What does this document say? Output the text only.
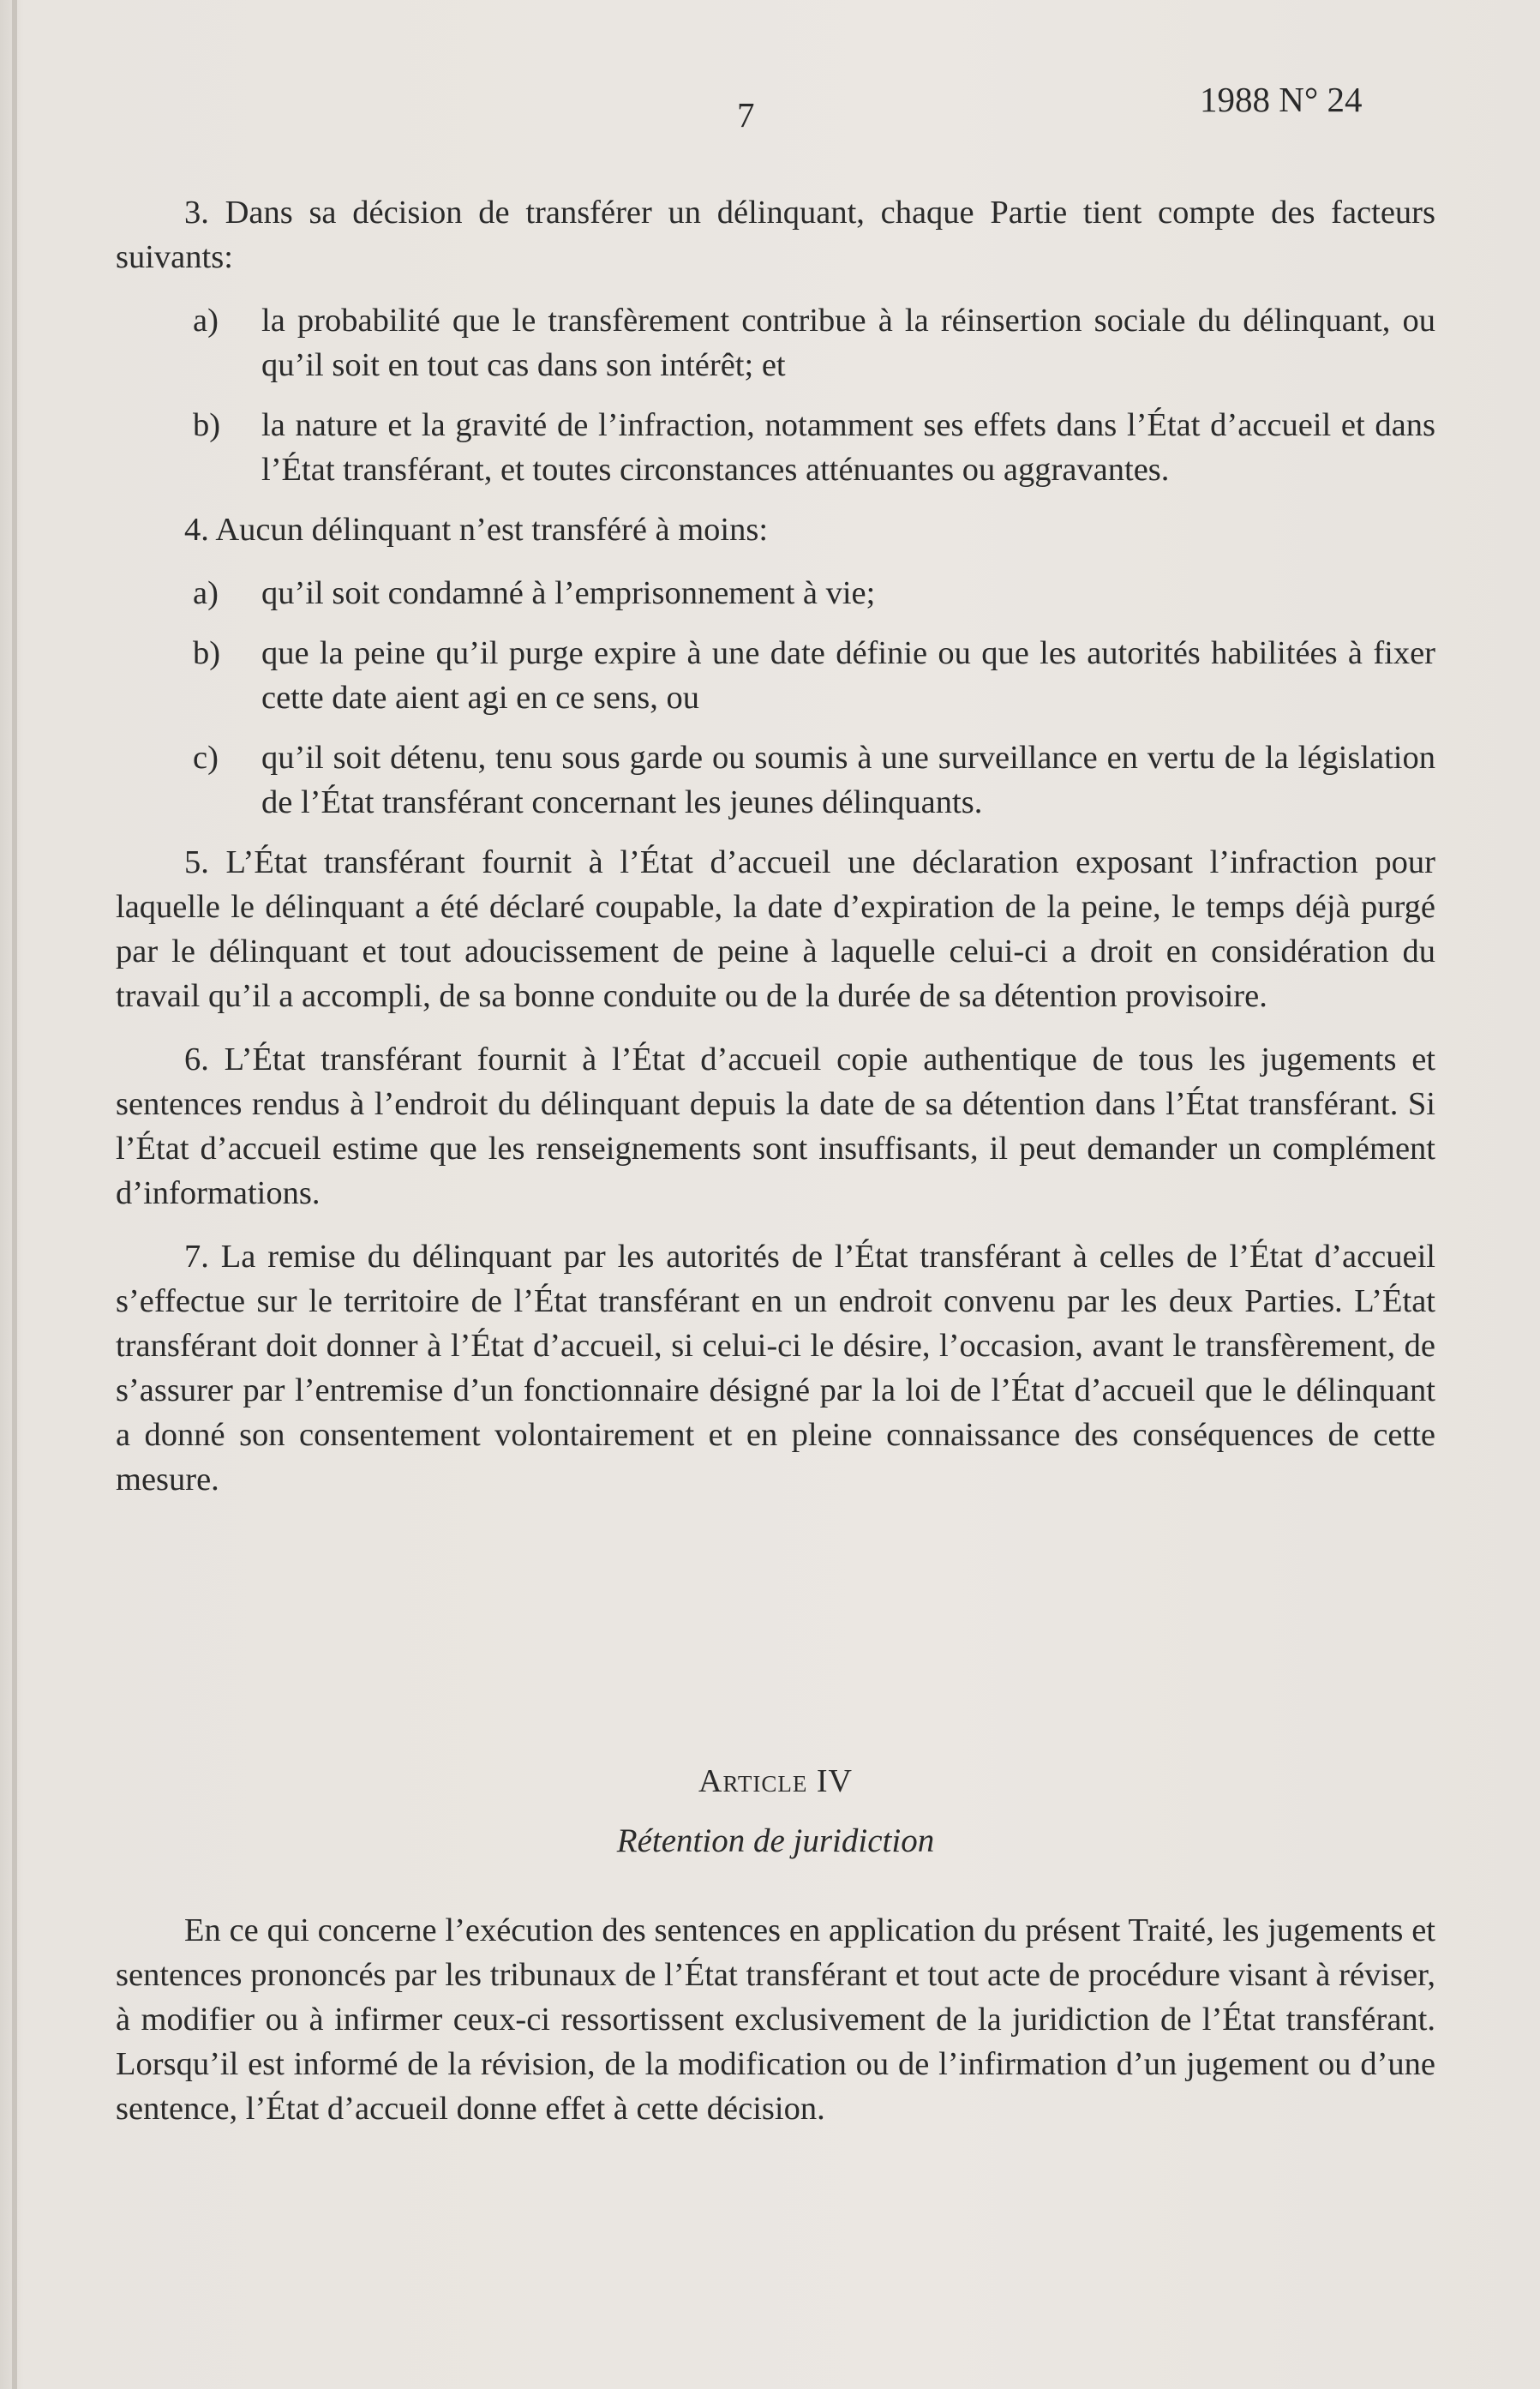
7	1988 N° 24

3. Dans sa décision de transférer un délinquant, chaque Partie tient compte des facteurs suivants:

a)	la probabilité que le transfèrement contribue à la réinsertion sociale du délinquant, ou qu’il soit en tout cas dans son intérêt; et
b)	la nature et la gravité de l’infraction, notamment ses effets dans l’État d’accueil et dans l’État transférant, et toutes circonstances atténuantes ou aggravantes.

4. Aucun délinquant n’est transféré à moins:

a)	qu’il soit condamné à l’emprisonnement à vie;
b)	que la peine qu’il purge expire à une date définie ou que les autorités habilitées à fixer cette date aient agi en ce sens, ou
c)	qu’il soit détenu, tenu sous garde ou soumis à une surveillance en vertu de la législation de l’État transférant concernant les jeunes délinquants.

5. L’État transférant fournit à l’État d’accueil une déclaration exposant l’infraction pour laquelle le délinquant a été déclaré coupable, la date d’expiration de la peine, le temps déjà purgé par le délinquant et tout adoucissement de peine à laquelle celui-ci a droit en considération du travail qu’il a accompli, de sa bonne conduite ou de la durée de sa détention provisoire.

6. L’État transférant fournit à l’État d’accueil copie authentique de tous les jugements et sentences rendus à l’endroit du délinquant depuis la date de sa détention dans l’État transférant. Si l’État d’accueil estime que les renseignements sont insuffisants, il peut demander un complément d’informations.

7. La remise du délinquant par les autorités de l’État transférant à celles de l’État d’accueil s’effectue sur le territoire de l’État transférant en un endroit convenu par les deux Parties. L’État transférant doit donner à l’État d’accueil, si celui-ci le désire, l’occasion, avant le transfèrement, de s’assurer par l’entremise d’un fonctionnaire désigné par la loi de l’État d’accueil que le délinquant a donné son consentement volontairement et en pleine connaissance des conséquences de cette mesure.

Article IV
Rétention de juridiction

En ce qui concerne l’exécution des sentences en application du présent Traité, les jugements et sentences prononcés par les tribunaux de l’État transférant et tout acte de procédure visant à réviser, à modifier ou à infirmer ceux-ci ressortissent exclusivement de la juridiction de l’État transférant. Lorsqu’il est informé de la révision, de la modification ou de l’infirmation d’un jugement ou d’une sentence, l’État d’accueil donne effet à cette décision.
